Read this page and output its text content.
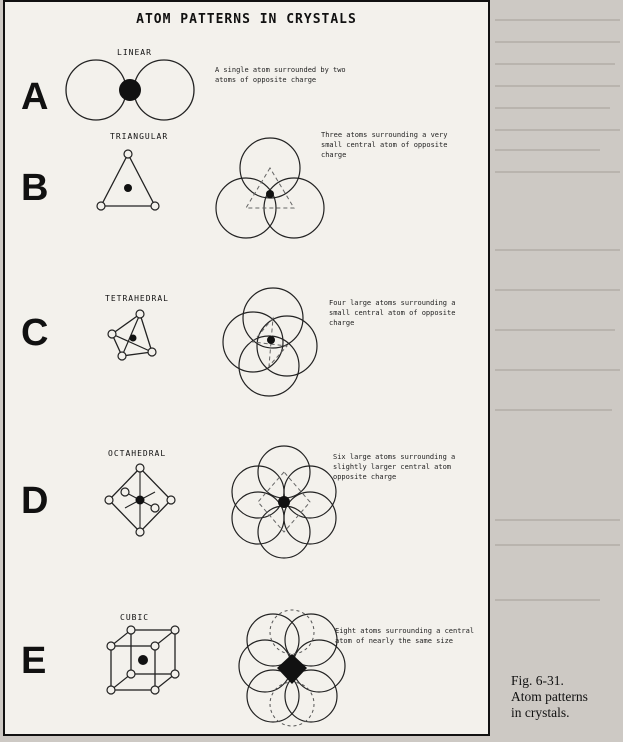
ATOM PATTERNS IN CRYSTALS
A
LINEAR
A single atom surrounded by two atoms of opposite charge
B
TRIANGULAR	Three atoms surrounding a very small central atom of opposite charge
C
TETRAHEDRAL	Four large atoms surrounding a small central atom of opposite charge
D
OCTAHEDRAL	Six large atoms surrounding a slightly larger central atom opposite charge
E
CUBIC
Eight atoms surrounding a central atom of nearly the same size
Fig. 6-31.
Atom patterns
in crystals.
